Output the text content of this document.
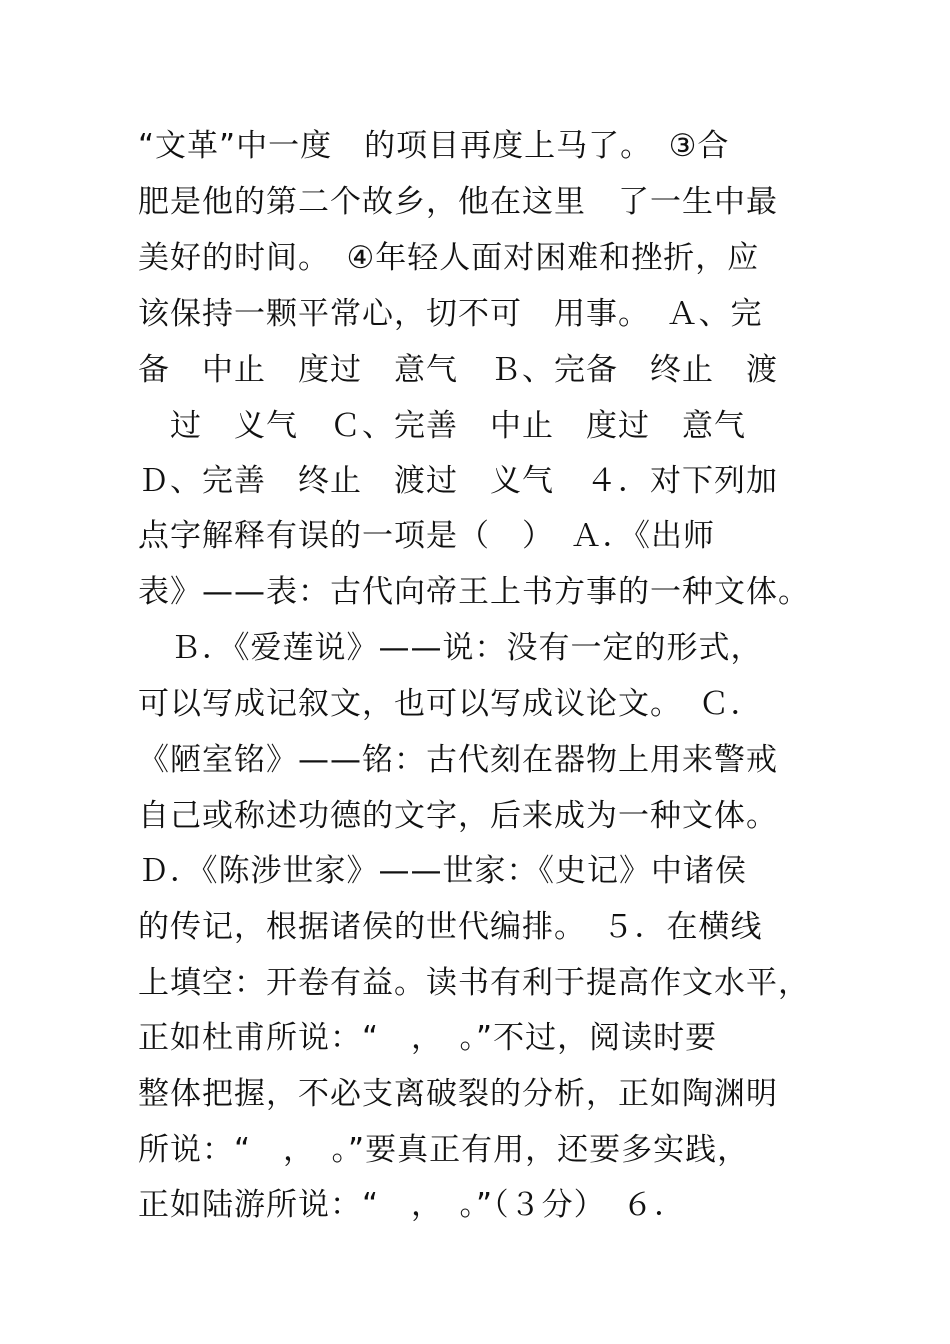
“文革”中一度　的项目再度上马了。　③合
肥是他的第二个故乡，他在这里　了一生中最
美好的时间。　④年轻人面对困难和挫折，应
该保持一颗平常心，切不可　用事。　Ａ、完
备　中止　度过　意气　Ｂ、完备　终止　渡
　过　义气　Ｃ、完善　中止　度过　意气
Ｄ、完善　终止　渡过　义气　４．对下列加
点字解释有误的一项是（　）　Ａ．《出师
表》——表：古代向帝王上书方事的一种文体。
　Ｂ．《爱莲说》——说：没有一定的形式，
可以写成记叙文，也可以写成议论文。　Ｃ．
《陋室铭》——铭：古代刻在器物上用来警戒
自己或称述功德的文字，后来成为一种文体。
Ｄ．《陈涉世家》——世家：《史记》中诸侯
的传记，根据诸侯的世代编排。　５．在横线
上填空：开卷有益。读书有利于提高作文水平，
正如杜甫所说：“　，　。”不过，阅读时要
整体把握，不必支离破裂的分析，正如陶渊明
所说：“　，　。”要真正有用，还要多实践，
正如陆游所说：“　，　。”（３分）　６．
